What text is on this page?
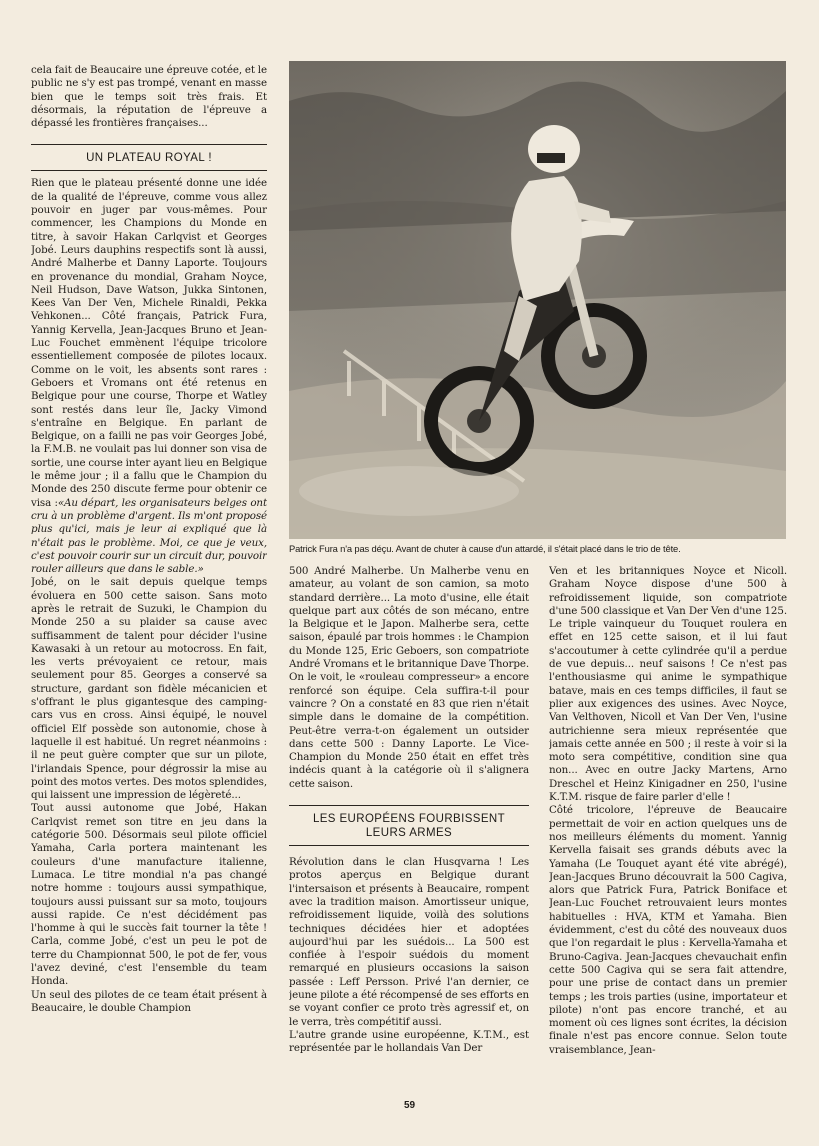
cela fait de Beaucaire une épreuve cotée, et le public ne s'y est pas trompé, venant en masse bien que le temps soit très frais. Et désormais, la réputation de l'épreuve a dépassé les frontières françaises...

UN PLATEAU ROYAL !

Rien que le plateau présenté donne une idée de la qualité de l'épreuve, comme vous allez pouvoir en juger par vous-mêmes. Pour commencer, les Champions du Monde en titre, à savoir Hakan Carlqvist et Georges Jobé. Leurs dauphins respectifs sont là aussi, André Malherbe et Danny Laporte. Toujours en provenance du mondial, Graham Noyce, Neil Hudson, Dave Watson, Jukka Sintonen, Kees Van Der Ven, Michele Rinaldi, Pekka Vehkonen... Côté français, Patrick Fura, Yannig Kervella, Jean-Jacques Bruno et Jean-Luc Fouchet emmènent l'équipe tricolore essentiellement composée de pilotes locaux. Comme on le voit, les absents sont rares : Geboers et Vromans ont été retenus en Belgique pour une course, Thorpe et Watley sont restés dans leur île, Jacky Vimond s'entraîne en Belgique. En parlant de Belgique, on a failli ne pas voir Georges Jobé, la F.M.B. ne voulait pas lui donner son visa de sortie, une course inter ayant lieu en Belgique le même jour ; il a fallu que le Champion du Monde des 250 discute ferme pour obtenir ce visa :«Au départ, les organisateurs belges ont cru à un problème d'argent. Ils m'ont proposé plus qu'ici, mais je leur ai expliqué que là n'était pas le problème. Moi, ce que je veux, c'est pouvoir courir sur un circuit dur, pouvoir rouler ailleurs que dans le sable.»

Jobé, on le sait depuis quelque temps évoluera en 500 cette saison. Sans moto après le retrait de Suzuki, le Champion du Monde 250 a su plaider sa cause avec suffisamment de talent pour décider l'usine Kawasaki à un retour au motocross. En fait, les verts prévoyaient ce retour, mais seulement pour 85. Georges a conservé sa structure, gardant son fidèle mécanicien et s'offrant le plus gigantesque des camping-cars vus en cross. Ainsi équipé, le nouvel officiel Elf possède son autonomie, chose à laquelle il est habitué. Un regret néanmoins : il ne peut guère compter que sur un pilote, l'irlandais Spence, pour dégrossir la mise au point des motos vertes. Des motos splendides, qui laissent une impression de légèreté...

Tout aussi autonome que Jobé, Hakan Carlqvist remet son titre en jeu dans la catégorie 500. Désormais seul pilote officiel Yamaha, Carla portera maintenant les couleurs d'une manufacture italienne, Lumaca. Le titre mondial n'a pas changé notre homme : toujours aussi sympathique, toujours aussi puissant sur sa moto, toujours aussi rapide. Ce n'est décidément pas l'homme à qui le succès fait tourner la tête ! Carla, comme Jobé, c'est un peu le pot de terre du Championnat 500, le pot de fer, vous l'avez deviné, c'est l'ensemble du team Honda.

Un seul des pilotes de ce team était présent à Beaucaire, le double Champion

Patrick Fura n'a pas déçu. Avant de chuter à cause d'un attardé, il s'était placé dans le trio de tête.

500 André Malherbe. Un Malherbe venu en amateur, au volant de son camion, sa moto standard derrière... La moto d'usine, elle était quelque part aux côtés de son mécano, entre la Belgique et le Japon. Malherbe sera, cette saison, épaulé par trois hommes : le Champion du Monde 125, Eric Geboers, son compatriote André Vromans et le britannique Dave Thorpe. On le voit, le «rouleau compresseur» a encore renforcé son équipe. Cela suffira-t-il pour vaincre ? On a constaté en 83 que rien n'était simple dans le domaine de la compétition. Peut-être verra-t-on également un outsider dans cette 500 : Danny Laporte. Le Vice-Champion du Monde 250 était en effet très indécis quant à la catégorie où il s'alignera cette saison.

LES EUROPÉENS FOURBISSENT
LEURS ARMES

Révolution dans le clan Husqvarna ! Les protos aperçus en Belgique durant l'intersaison et présents à Beaucaire, rompent avec la tradition maison. Amortisseur unique, refroidissement liquide, voilà des solutions techniques décidées hier et adoptées aujourd'hui par les suédois... La 500 est confiée à l'espoir suédois du moment remarqué en plusieurs occasions la saison passée : Leff Persson. Privé l'an dernier, ce jeune pilote a été récompensé de ses efforts en se voyant confier ce proto très agressif et, on le verra, très compétitif aussi.

L'autre grande usine européenne, K.T.M., est représentée par le hollandais Van Der

Ven et les britanniques Noyce et Nicoll. Graham Noyce dispose d'une 500 à refroidissement liquide, son compatriote d'une 500 classique et Van Der Ven d'une 125. Le triple vainqueur du Touquet roulera en effet en 125 cette saison, et il lui faut s'accoutumer à cette cylindrée qu'il a perdue de vue depuis... neuf saisons ! Ce n'est pas l'enthousiasme qui anime le sympathique batave, mais en ces temps difficiles, il faut se plier aux exigences des usines. Avec Noyce, Van Velthoven, Nicoll et Van Der Ven, l'usine autrichienne sera mieux représentée que jamais cette année en 500 ; il reste à voir si la moto sera compétitive, condition sine qua non... Avec en outre Jacky Martens, Arno Dreschel et Heinz Kinigadner en 250, l'usine K.T.M. risque de faire parler d'elle !

Côté tricolore, l'épreuve de Beaucaire permettait de voir en action quelques uns de nos meilleurs éléments du moment. Yannig Kervella faisait ses grands débuts avec la Yamaha (Le Touquet ayant été vite abrégé), Jean-Jacques Bruno découvrait la 500 Cagiva, alors que Patrick Fura, Patrick Boniface et Jean-Luc Fouchet retrouvaient leurs montes habituelles : HVA, KTM et Yamaha. Bien évidemment, c'est du côté des nouveaux duos que l'on regardait le plus : Kervella-Yamaha et Bruno-Cagiva. Jean-Jacques chevauchait enfin cette 500 Cagiva qui se sera fait attendre, pour une prise de contact dans un premier temps ; les trois parties (usine, importateur et pilote) n'ont pas encore tranché, et au moment où ces lignes sont écrites, la décision finale n'est pas encore connue. Selon toute vraisemblance, Jean-

59
